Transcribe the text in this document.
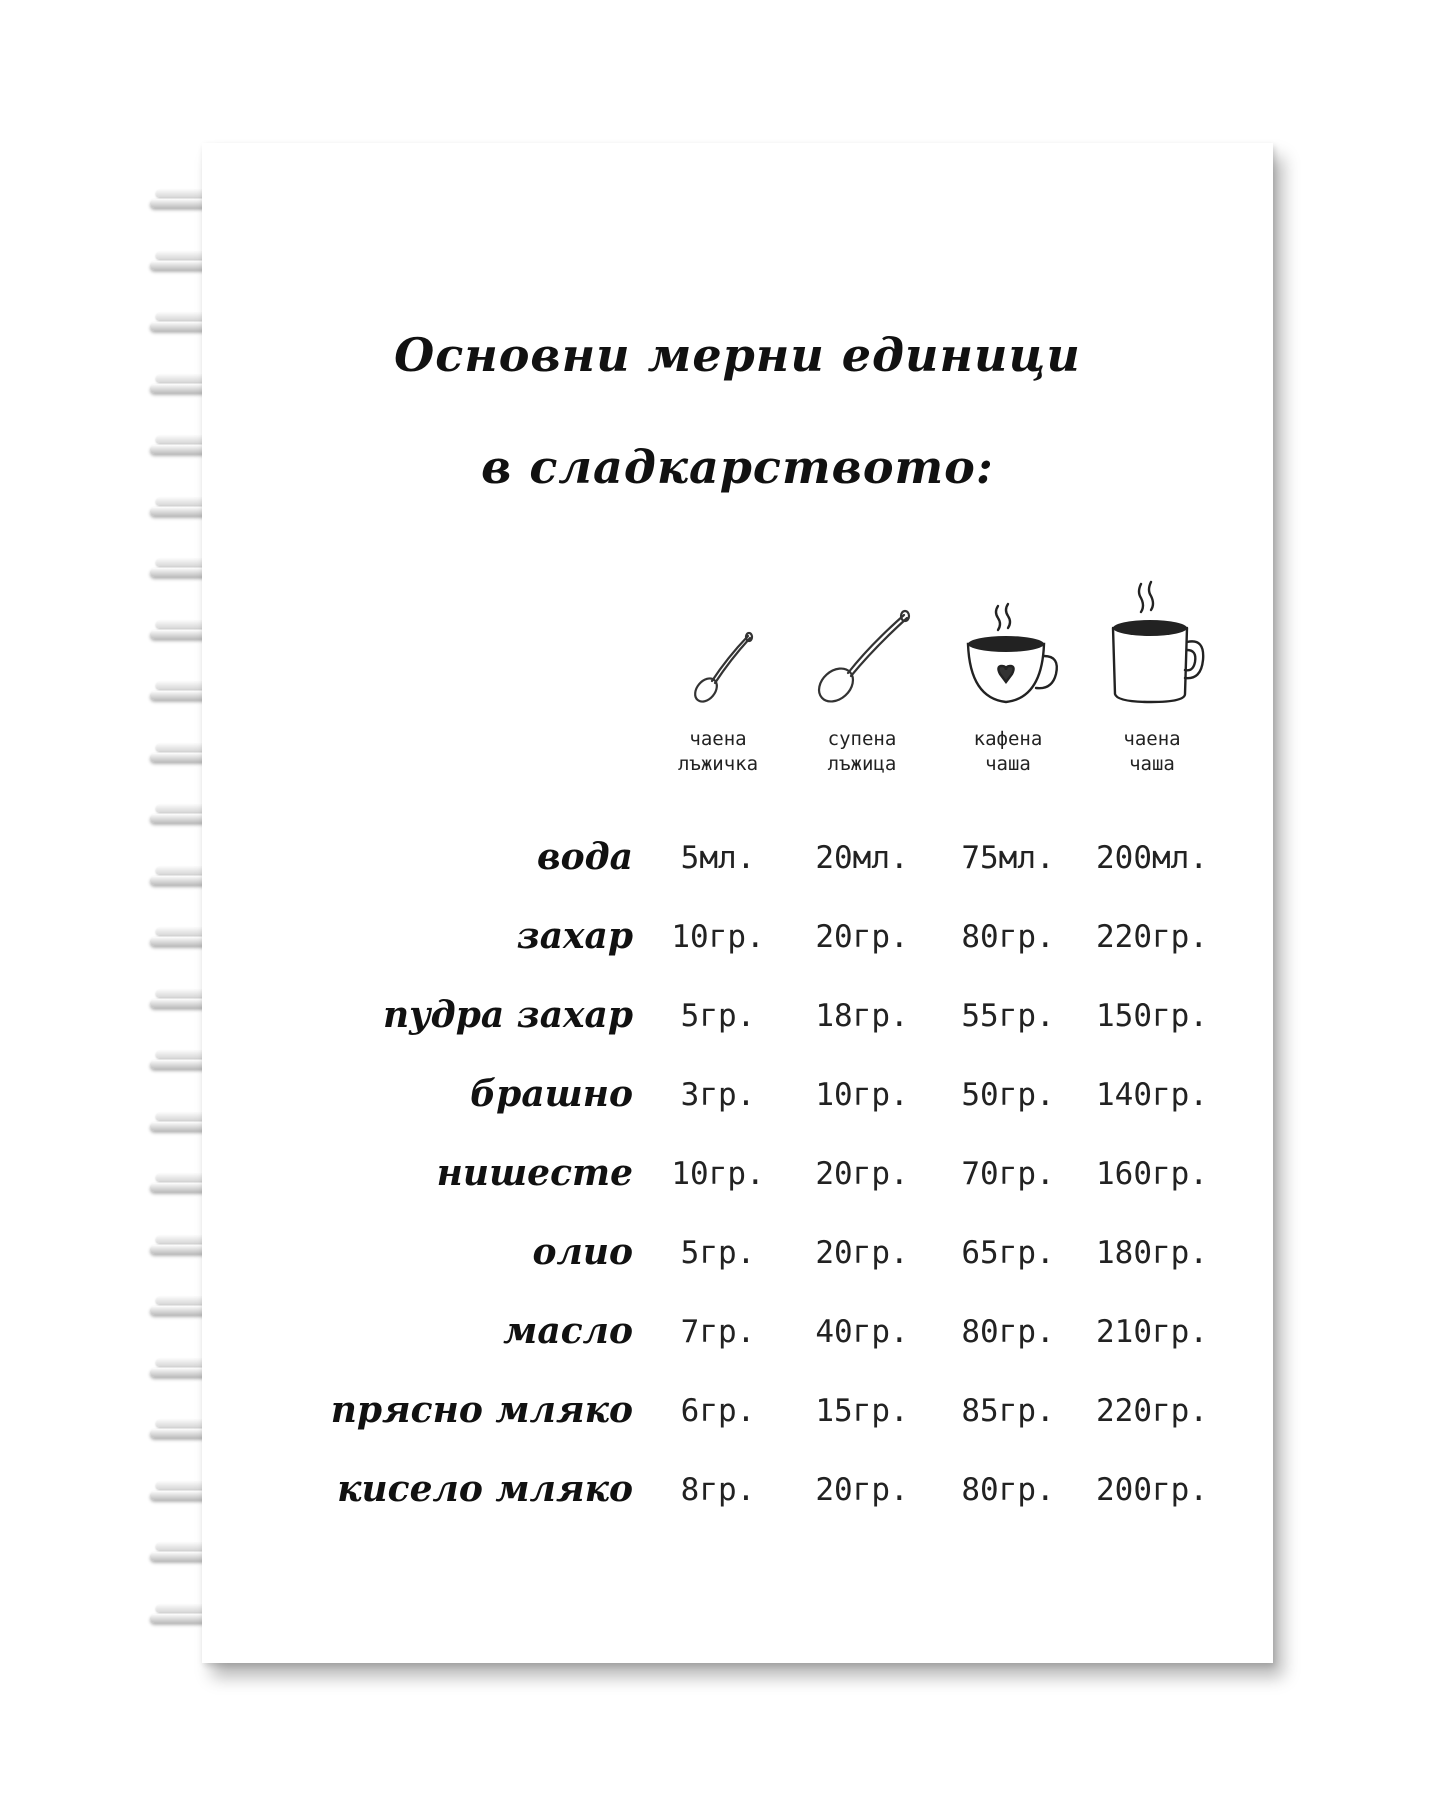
Основни мерни единици
в сладкарството:
чаена
лъжичка
супена
лъжица
кафена
чаша
чаена
чаша
вода	5мл.	20мл.	75мл.	200мл.
захар	10гр.	20гр.	80гр.	220гр.
пудра захар	5гр.	18гр.	55гр.	150гр.
брашно	3гр.	10гр.	50гр.	140гр.
нишесте	10гр.	20гр.	70гр.	160гр.
олио	5гр.	20гр.	65гр.	180гр.
масло	7гр.	40гр.	80гр.	210гр.
прясно мляко	6гр.	15гр.	85гр.	220гр.
кисело мляко	8гр.	20гр.	80гр.	200гр.
